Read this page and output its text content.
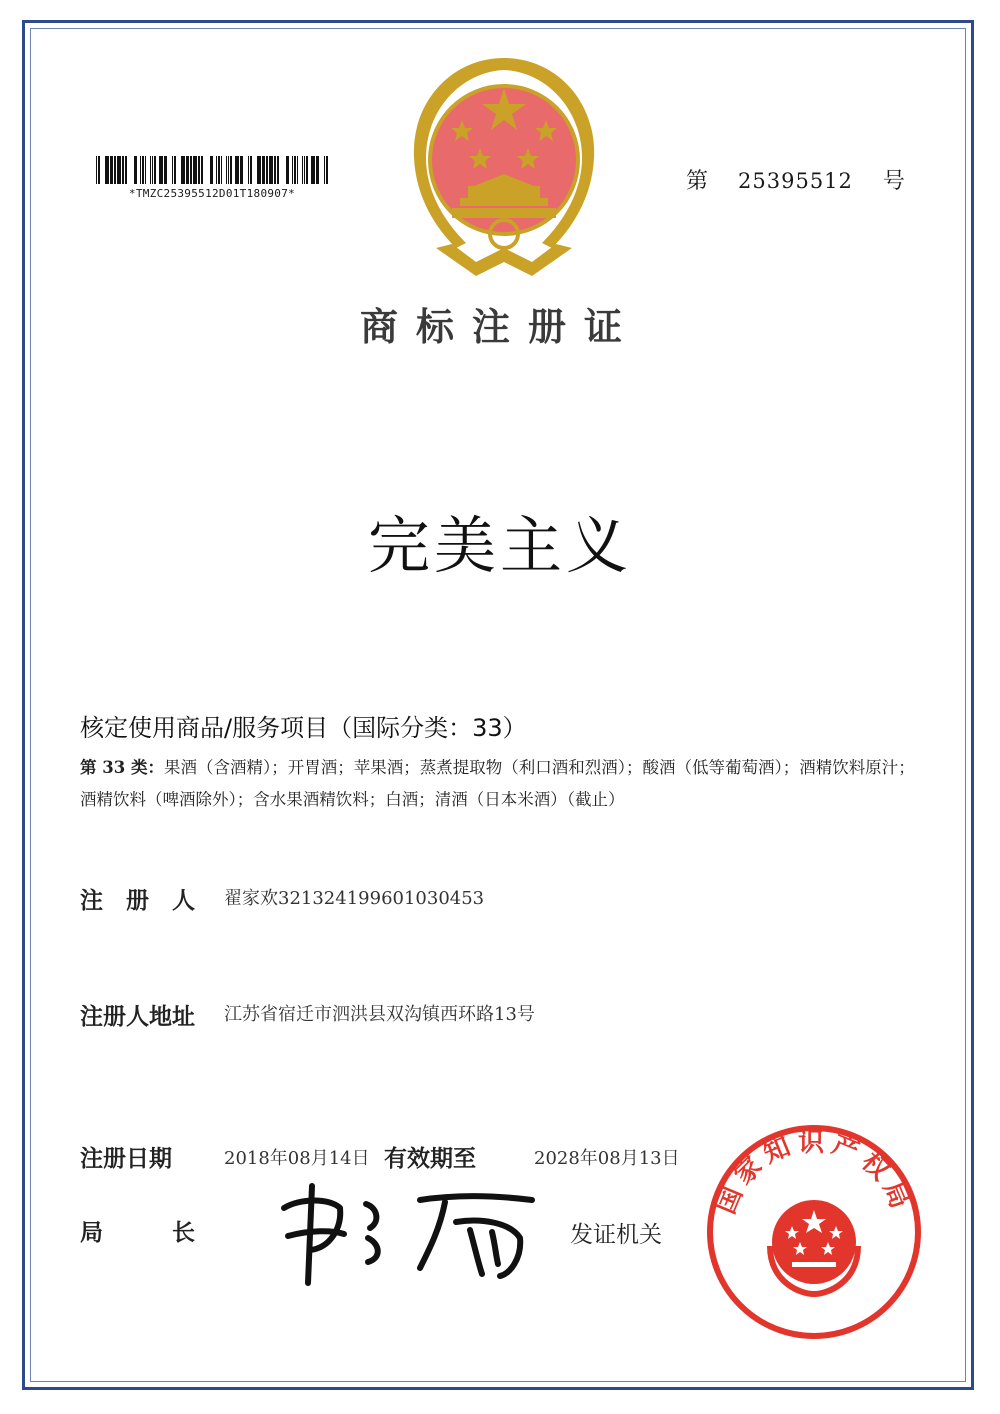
*TMZC25395512D01T180907*	第 25395512 号
商标注册证
完美主义
核定使用商品/服务项目（国际分类：33）
第 33 类：果酒（含酒精）；开胃酒；苹果酒；蒸煮提取物（利口酒和烈酒）；酸酒（低等葡萄酒）；酒精饮料原汁；酒精饮料（啤酒除外）；含水果酒精饮料；白酒；清酒（日本米酒）（截止）
注　册　人 翟家欢321324199601030453
注册人地址 江苏省宿迁市泗洪县双沟镇西环路13号
注册日期	2018年08月14日 有效期至	2028年08月13日
局　　　长	发证机关
国家知识产权局
